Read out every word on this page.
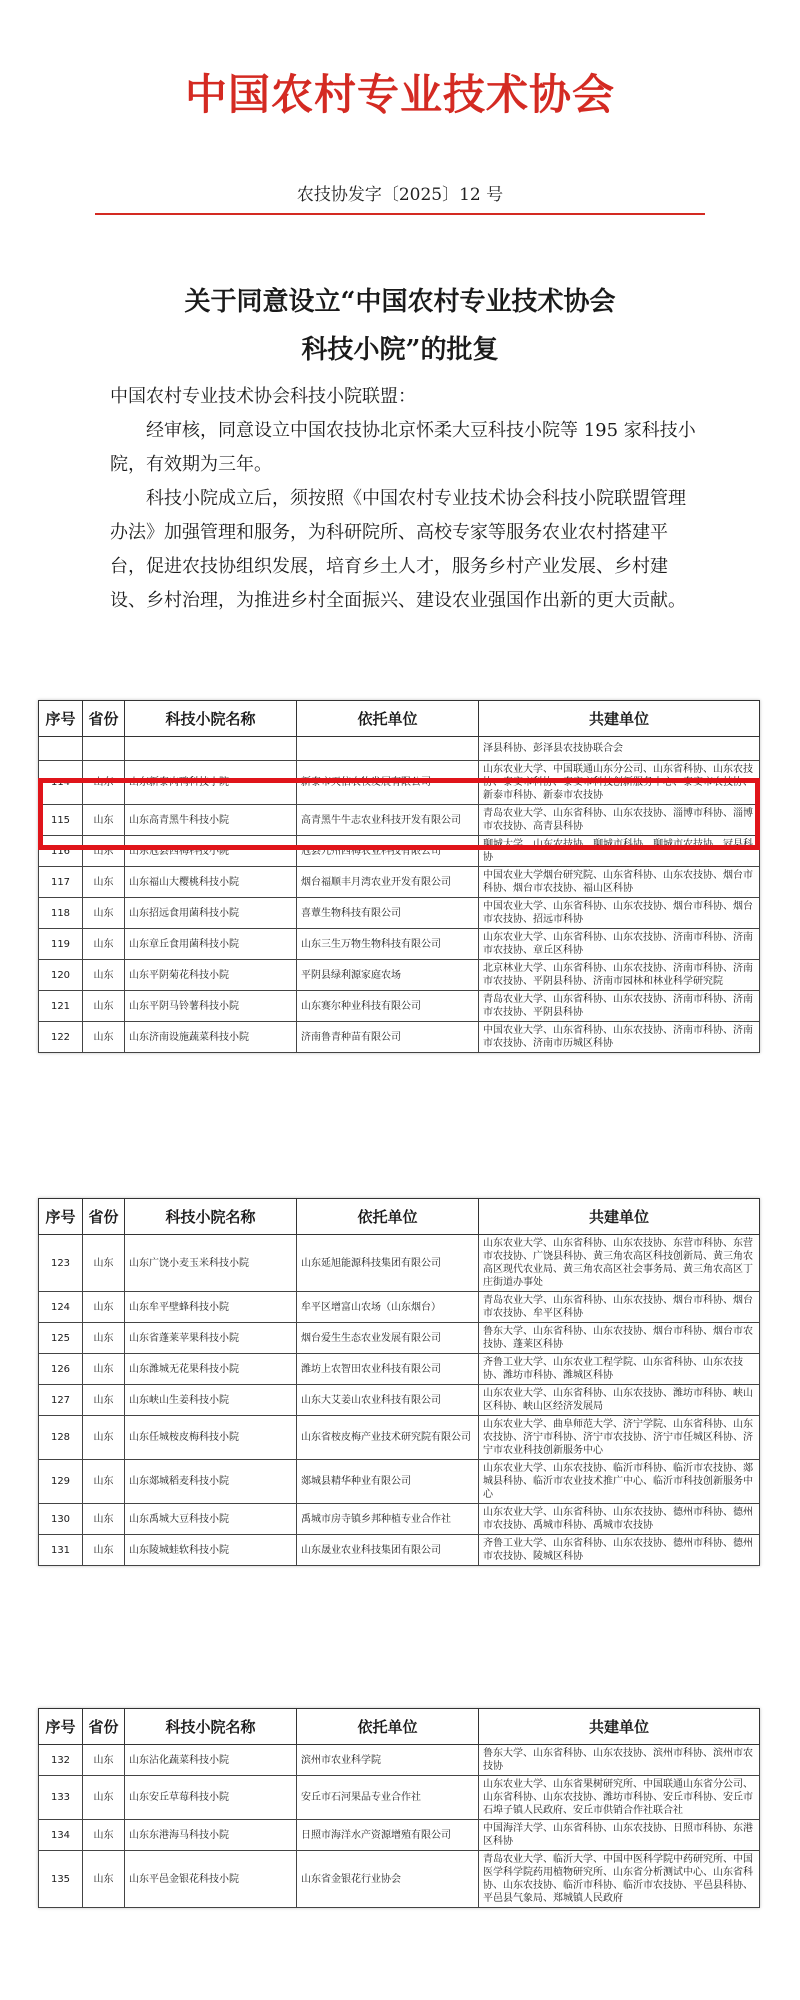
中国农村专业技术协会
农技协发字〔2025〕12 号
关于同意设立“中国农村专业技术协会
科技小院”的批复

中国农村专业技术协会科技小院联盟：

经审核，同意设立中国农技协北京怀柔大豆科技小院等 195 家科技小院，有效期为三年。

科技小院成立后，须按照《中国农村专业技术协会科技小院联盟管理办法》加强管理和服务，为科研院所、高校专家等服务农业农村搭建平台，促进农技协组织发展，培育乡土人才，服务乡村产业发展、乡村建设、乡村治理，为推进乡村全面振兴、建设农业强国作出新的更大贡献。

序号	省份	科技小院名称	依托单位	共建单位
				泽县科协、彭泽县农技协联合会
114	山东	山东新泰肉鸭科技小院	新泰市天信农牧发展有限公司	山东农业大学、中国联通山东分公司、山东省科协、山东农技协、泰安市科协、泰安市科技创新服务中心、泰安市农技协、新泰市科协、新泰市农技协
115	山东	山东高青黑牛科技小院	高青黑牛牛志农业科技开发有限公司	青岛农业大学、山东省科协、山东农技协、淄博市科协、淄博市农技协、高青县科协
116	山东	山东冠县西梅科技小院	冠县九州西梅农业科技有限公司	聊城大学、山东农技协、聊城市科协、聊城市农技协、冠县科协
117	山东	山东福山大樱桃科技小院	烟台福顺丰月湾农业开发有限公司	中国农业大学烟台研究院、山东省科协、山东农技协、烟台市科协、烟台市农技协、福山区科协
118	山东	山东招远食用菌科技小院	喜蕈生物科技有限公司	中国农业大学、山东省科协、山东农技协、烟台市科协、烟台市农技协、招远市科协
119	山东	山东章丘食用菌科技小院	山东三生万物生物科技有限公司	山东农业大学、山东省科协、山东农技协、济南市科协、济南市农技协、章丘区科协
120	山东	山东平阴菊花科技小院	平阴县绿利源家庭农场	北京林业大学、山东省科协、山东农技协、济南市科协、济南市农技协、平阴县科协、济南市园林和林业科学研究院
121	山东	山东平阴马铃薯科技小院	山东赛尔种业科技有限公司	青岛农业大学、山东省科协、山东农技协、济南市科协、济南市农技协、平阴县科协
122	山东	山东济南设施蔬菜科技小院	济南鲁青种苗有限公司	中国农业大学、山东省科协、山东农技协、济南市科协、济南市农技协、济南市历城区科协
序号	省份	科技小院名称	依托单位	共建单位
123	山东	山东广饶小麦玉米科技小院	山东延旭能源科技集团有限公司	山东农业大学、山东省科协、山东农技协、东营市科协、东营市农技协、广饶县科协、黄三角农高区科技创新局、黄三角农高区现代农业局、黄三角农高区社会事务局、黄三角农高区丁庄街道办事处
124	山东	山东牟平壁蜂科技小院	牟平区增富山农场（山东烟台）	青岛农业大学、山东省科协、山东农技协、烟台市科协、烟台市农技协、牟平区科协
125	山东	山东省蓬莱苹果科技小院	烟台爱生生态农业发展有限公司	鲁东大学、山东省科协、山东农技协、烟台市科协、烟台市农技协、蓬莱区科协
126	山东	山东潍城无花果科技小院	潍坊上农智田农业科技有限公司	齐鲁工业大学、山东农业工程学院、山东省科协、山东农技协、潍坊市科协、潍城区科协
127	山东	山东峡山生姜科技小院	山东大艾姜山农业科技有限公司	山东农业大学、山东省科协、山东农技协、潍坊市科协、峡山区科协、峡山区经济发展局
128	山东	山东任城桉皮梅科技小院	山东省桉皮梅产业技术研究院有限公司	山东农业大学、曲阜师范大学、济宁学院、山东省科协、山东农技协、济宁市科协、济宁市农技协、济宁市任城区科协、济宁市农业科技创新服务中心
129	山东	山东郯城稻麦科技小院	郯城县精华种业有限公司	山东农业大学、山东农技协、临沂市科协、临沂市农技协、郯城县科协、临沂市农业技术推广中心、临沂市科技创新服务中心
130	山东	山东禹城大豆科技小院	禹城市房寺镇乡邦种植专业合作社	山东农业大学、山东省科协、山东农技协、德州市科协、德州市农技协、禹城市科协、禹城市农技协
131	山东	山东陵城蛙软科技小院	山东晟业农业科技集团有限公司	齐鲁工业大学、山东省科协、山东农技协、德州市科协、德州市农技协、陵城区科协
序号	省份	科技小院名称	依托单位	共建单位
132	山东	山东沾化蔬菜科技小院	滨州市农业科学院	鲁东大学、山东省科协、山东农技协、滨州市科协、滨州市农技协
133	山东	山东安丘草莓科技小院	安丘市石河果品专业合作社	山东农业大学、山东省果树研究所、中国联通山东省分公司、山东省科协、山东农技协、潍坊市科协、安丘市科协、安丘市石埠子镇人民政府、安丘市供销合作社联合社
134	山东	山东东港海马科技小院	日照市海洋水产资源增殖有限公司	中国海洋大学、山东省科协、山东农技协、日照市科协、东港区科协
135	山东	山东平邑金银花科技小院	山东省金银花行业协会	青岛农业大学、临沂大学、中国中医科学院中药研究所、中国医学科学院药用植物研究所、山东省分析测试中心、山东省科协、山东农技协、临沂市科协、临沂市农技协、平邑县科协、平邑县气象局、郑城镇人民政府
